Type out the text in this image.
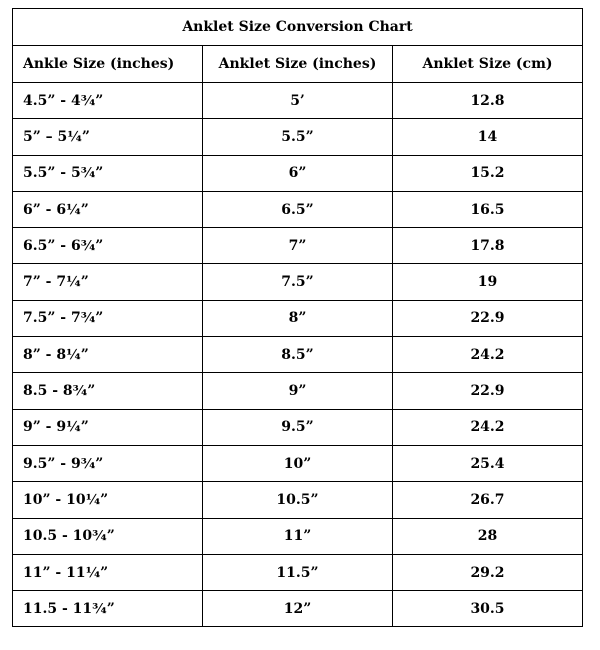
Anklet Size Conversion Chart		
Ankle Size (inches)	Anklet Size (inches)	Anklet Size (cm)
4.5” - 4¾”	5’	12.8
5” – 5¼”	5.5”	14
5.5” - 5¾”	6”	15.2
6” - 6¼”	6.5”	16.5
6.5” - 6¾”	7”	17.8
7” - 7¼”	7.5”	19
7.5” - 7¾”	8”	22.9
8” - 8¼”	8.5”	24.2
8.5 - 8¾”	9”	22.9
9” - 9¼”	9.5”	24.2
9.5” - 9¾”	10”	25.4
10” - 10¼”	10.5”	26.7
10.5 - 10¾”	11”	28
11” - 11¼”	11.5”	29.2
11.5 - 11¾”	12”	30.5
